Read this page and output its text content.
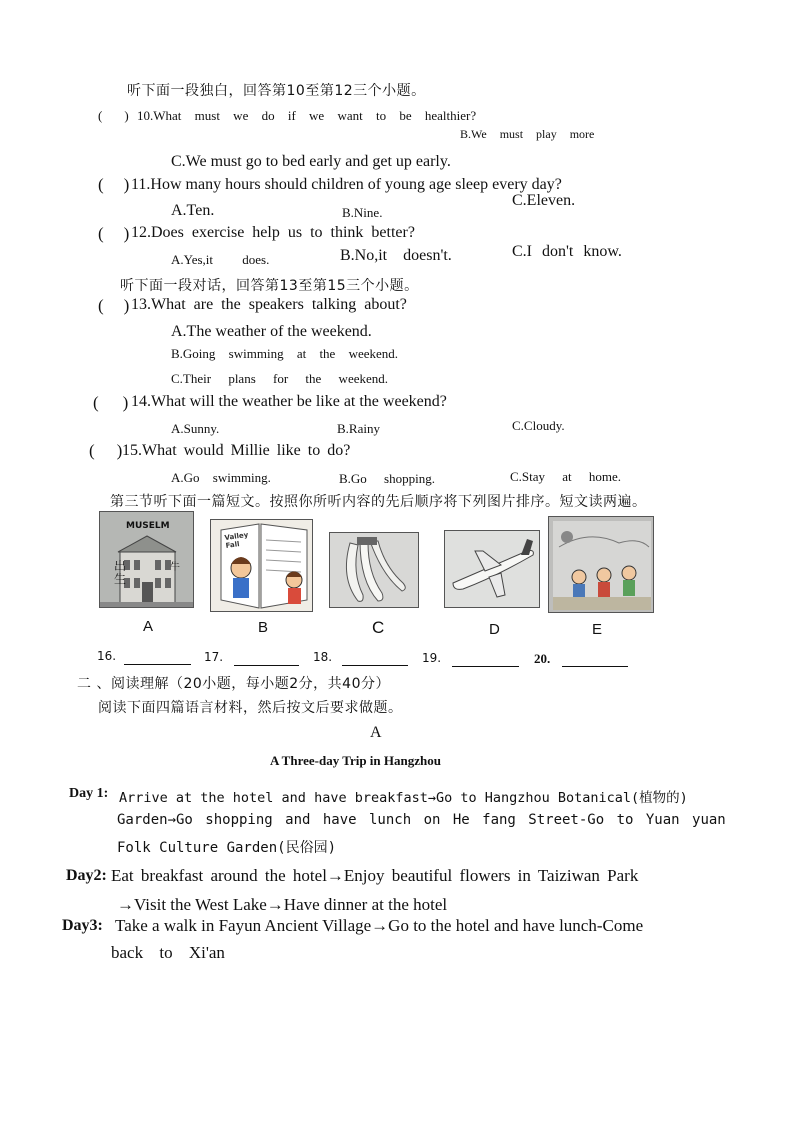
听下面一段独白，回答第10至第12三个小题。
( ) 10.What must we do if we want to be healthier?
B.We must play more
C.We must go to bed early and get up early.
( ) 11.How many hours should children of young age sleep every day?
A.Ten.	B.Nine.
C.Eleven.
( ) 12.Does exercise help us to think better?
A.Yes,it does.	B.No,it doesn't.	C.I don't know.
听下面一段对话，回答第13至第15三个小题。
( ) 13.What are the speakers talking about?
A.The weather of the weekend.
B.Going swimming at the weekend.
C.Their plans for the weekend.
( ) 14.What will the weather be like at the weekend?
A.Sunny.	B.Rainy	C.Cloudy.
( ) 15.What would Millie like to do?
A.Go swimming.	B.Go shopping.	C.Stay at home.
第三节听下面一篇短文。按照你所听内容的先后顺序将下列图片排序。短文读两遍。
MUSELM
出生
牛
A
Valley Fall
B	C	D	E
16.	17.	18.	19.	20.
二 、阅读理解（20小题，每小题2分，共40分）
阅读下面四篇语言材料，然后按文后要求做题。
A
A Three-day Trip in Hangzhou
Day 1: Arrive at the hotel and have breakfast→Go to Hangzhou Botanical(植物的)
Garden→Go shopping and have lunch on He fang Street-Go to Yuan yuan
Folk Culture Garden(民俗园)
Day2: Eat breakfast around the hotel→Enjoy beautiful flowers in Taiziwan Park
→Visit the West Lake→Have dinner at the hotel
Day3: Take a walk in Fayun Ancient Village→Go to the hotel and have lunch-Come
back to Xi'an
